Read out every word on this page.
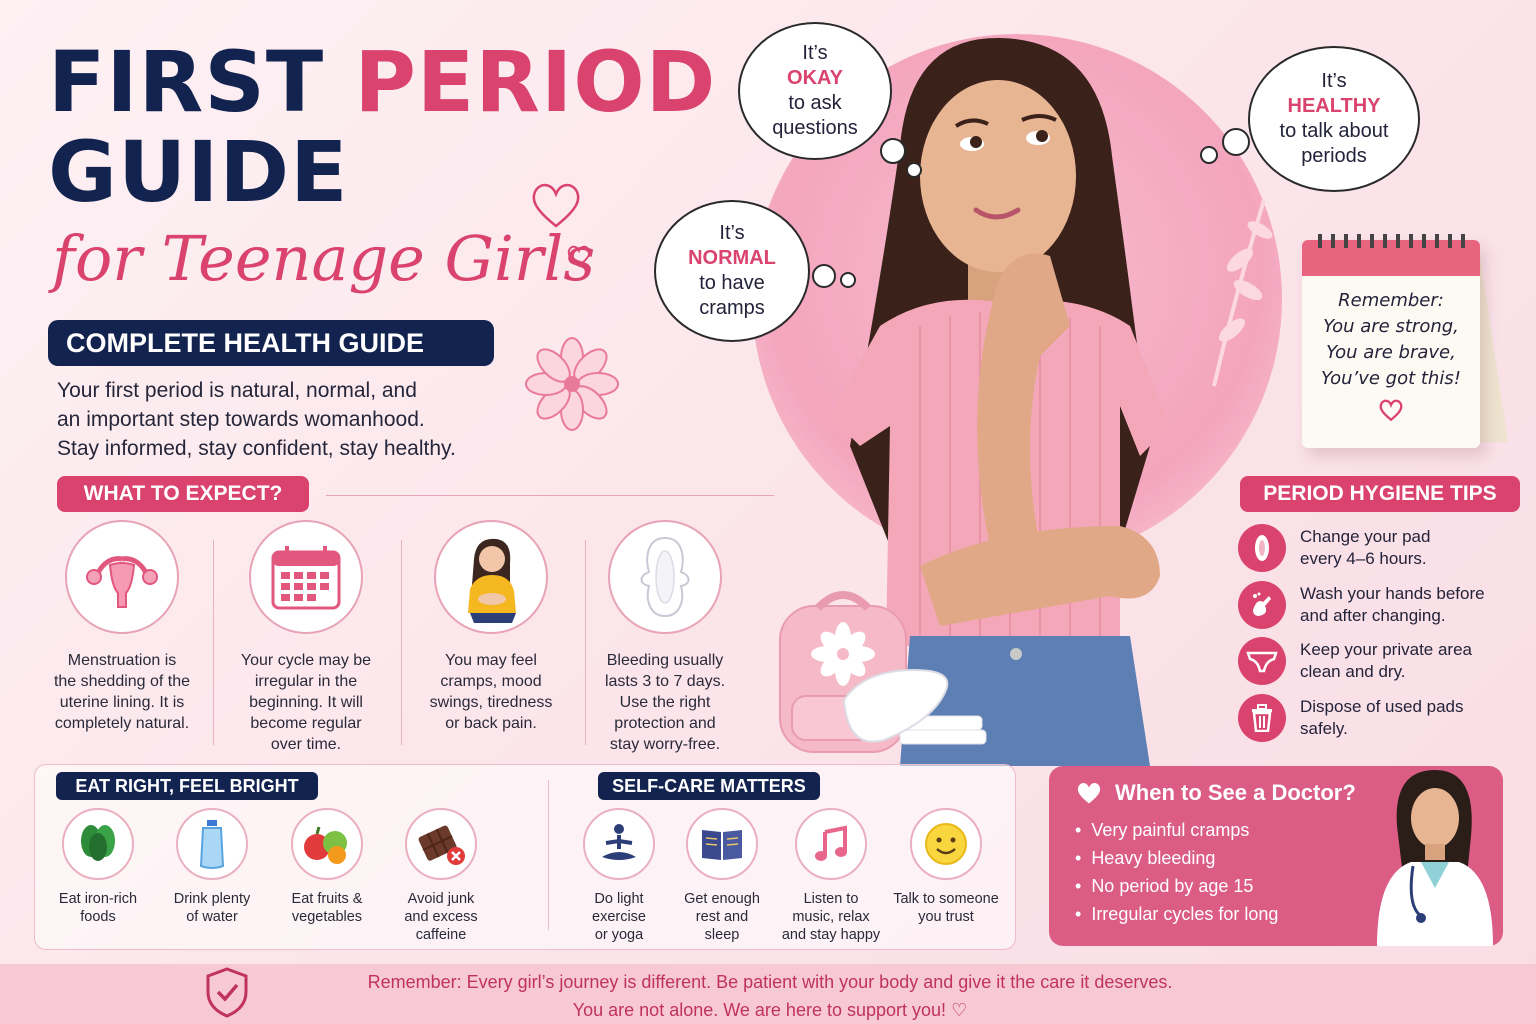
FIRST PERIOD
GUIDE
for Teenage Girls
COMPLETE HEALTH GUIDE
Your first period is natural, normal, and
an important step towards womanhood.
Stay informed, stay confident, stay healthy.
WHAT TO EXPECT?
Menstruation is
the shedding of the
uterine lining. It is
completely natural.
Your cycle may be
irregular in the
beginning. It will
become regular
over time.
You may feel
cramps, mood
swings, tiredness
or back pain.
Bleeding usually
lasts 3 to 7 days.
Use the right
protection and
stay worry-free.
It’s
OKAY
to ask
questions
It’s
NORMAL
to have
cramps
It’s
HEALTHY
to talk about
periods
Remember:
You are strong,
You are brave,
You’ve got this!
PERIOD HYGIENE TIPS
Change your pad
every 4–6 hours.
Wash your hands before
and after changing.
Keep your private area
clean and dry.
Dispose of used pads
safely.
EAT RIGHT, FEEL BRIGHT	SELF-CARE MATTERS
Eat iron-rich
foods
Drink plenty
of water
Eat fruits &
vegetables
Avoid junk
and excess
caffeine
Do light
exercise
or yoga
Get enough
rest and
sleep
Listen to
music, relax
and stay happy
Talk to someone
you trust
When to See a Doctor?
•  Very painful cramps
•  Heavy bleeding
•  No period by age 15
•  Irregular cycles for long
Remember: Every girl’s journey is different. Be patient with your body and give it the care it deserves.
You are not alone. We are here to support you! ♡
